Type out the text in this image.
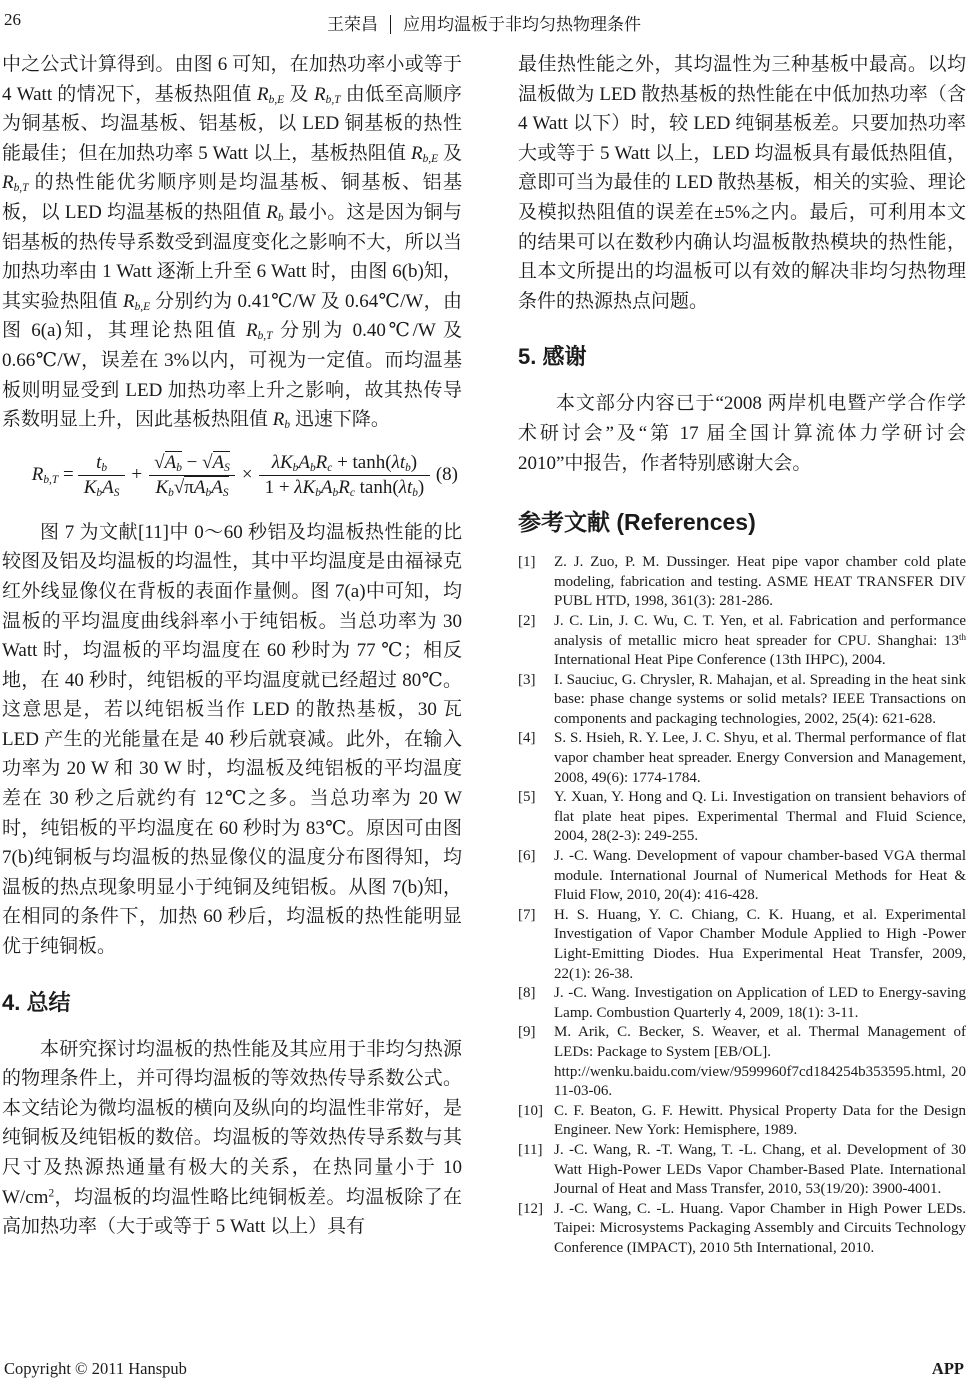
26	王荣昌 应用均温板于非均匀热物理条件

中之公式计算得到。由图 6 可知，在加热功率小或等于 4 Watt 的情况下，基板热阻值 $R_{b,E}$ 及 $R_{b,T}$ 由低至高顺序为铜基板、均温基板、铝基板，以 LED 铜基板的热性能最佳；但在加热功率 5 Watt 以上，基板热阻值 $R_{b,E}$ 及 $R_{b,T}$ 的热性能优劣顺序则是均温基板、铜基板、铝基板，以 LED 均温基板的热阻值 $R_b$ 最小。这是因为铜与铝基板的热传导系数受到温度变化之影响不大，所以当加热功率由 1 Watt 逐渐上升至 6 Watt 时，由图 6(b)知，其实验热阻值 $R_{b,E}$ 分别约为 0.41℃/W 及 0.64℃/W，由图 6(a)知，其理论热阻值 $R_{b,T}$ 分别为 0.40℃/W 及 0.66℃/W，误差在 3%以内，可视为一定值。而均温基板则明显受到 LED 加热功率上升之影响，故其热传导系数明显上升，因此基板热阻值 $R_b$ 迅速下降。

$R_{b,T} = \frac{t_b}{K_bA_S} + \frac{√A_b - √A_S}{K_b√\pi A_bA_S} \times \frac{\lambda K_bA_bR_c + \tanh(\lambda t_b)}{1 + \lambda K_bA_bR_c \tanh(\lambda t_b)} (8)$

图 7 为文献[11]中 0～60 秒铝及均温板热性能的比较图及铝及均温板的均温性，其中平均温度是由福禄克红外线显像仪在背板的表面作量侧。图 7(a)中可知，均温板的平均温度曲线斜率小于纯铝板。当总功率为 30 Watt 时，均温板的平均温度在 60 秒时为 77 ℃；相反地，在 40 秒时，纯铝板的平均温度就已经超过 80℃。这意思是，若以纯铝板当作 LED 的散热基板，30 瓦 LED 产生的光能量在是 40 秒后就衰减。此外，在输入功率为 20 W 和 30 W 时，均温板及纯铝板的平均温度差在 30 秒之后就约有 12℃之多。当总功率为 20 W 时，纯铝板的平均温度在 60 秒时为 83℃。原因可由图 7(b)纯铜板与均温板的热显像仪的温度分布图得知，均温板的热点现象明显小于纯铜及纯铝板。从图 7(b)知，在相同的条件下，加热 60 秒后，均温板的热性能明显优于纯铜板。

4. 总结

本研究探讨均温板的热性能及其应用于非均匀热源的物理条件上，并可得均温板的等效热传导系数公式。本文结论为微均温板的横向及纵向的均温性非常好，是纯铜板及纯铝板的数倍。均温板的等效热传导系数与其尺寸及热源热通量有极大的关系，在热同量小于 10 $W/cm^2$，均温板的均温性略比纯铜板差。均温板除了在高加热功率（大于或等于 5 Watt 以上）具有

最佳热性能之外，其均温性为三种基板中最高。以均温板做为 LED 散热基板的热性能在中低加热功率（含 4 Watt 以下）时，较 LED 纯铜基板差。只要加热功率大或等于 5 Watt 以上，LED 均温板具有最低热阻值，意即可当为最佳的 LED 散热基板，相关的实验、理论及模拟热阻值的误差在±5%之内。最后，可利用本文的结果可以在数秒内确认均温板散热模块的热性能，且本文所提出的均温板可以有效的解决非均匀热物理条件的热源热点问题。

5. 感谢

本文部分内容已于“2008 两岸机电暨产学合作学术研讨会”及“第 17 届全国计算流体力学研讨会 2010”中报告，作者特别感谢大会。

参考文献 (References)
[1]	Z. J. Zuo, P. M. Dussinger. Heat pipe vapor chamber cold plate modeling, fabrication and testing. ASME HEAT TRANSFER DIV PUBL HTD, 1998, 361(3): 281-286.
[2]	J. C. Lin, J. C. Wu, C. T. Yen, et al. Fabrication and performance analysis of metallic micro heat spreader for CPU. Shanghai: 13th International Heat Pipe Conference (13th IHPC), 2004.
[3]	I. Sauciuc, G. Chrysler, R. Mahajan, et al. Spreading in the heat sink base: phase change systems or solid metals? IEEE Transactions on components and packaging technologies, 2002, 25(4): 621-628.
[4]	S. S. Hsieh, R. Y. Lee, J. C. Shyu, et al. Thermal performance of flat vapor chamber heat spreader. Energy Conversion and Management, 2008, 49(6): 1774-1784.
[5]	Y. Xuan, Y. Hong and Q. Li. Investigation on transient behaviors of flat plate heat pipes. Experimental Thermal and Fluid Science, 2004, 28(2-3): 249-255.
[6]	J. -C. Wang. Development of vapour chamber-based VGA thermal module. International Journal of Numerical Methods for Heat & Fluid Flow, 2010, 20(4): 416-428.
[7]	H. S. Huang, Y. C. Chiang, C. K. Huang, et al. Experimental Investigation of Vapor Chamber Module Applied to High -Power Light-Emitting Diodes. Hua Experimental Heat Transfer, 2009, 22(1): 26-38.
[8]	J. -C. Wang. Investigation on Application of LED to Energy-saving Lamp. Combustion Quarterly 4, 2009, 18(1): 3-11.
[9]	M. Arik, C. Becker, S. Weaver, et al. Thermal Management of LEDs: Package to System [EB/OL].
http://wenku.baidu.com/view/9599960f7cd184254b353595.html, 2011-03-06.
[10] C. F. Beaton, G. F. Hewitt. Physical Property Data for the Design Engineer. New York: Hemisphere, 1989.
[11] J. -C. Wang, R. -T. Wang, T. -L. Chang, et al. Development of 30 Watt High-Power LEDs Vapor Chamber-Based Plate. International Journal of Heat and Mass Transfer, 2010, 53(19/20): 3900-4001.
[12] J. -C. Wang, C. -L. Huang. Vapor Chamber in High Power LEDs. Taipei: Microsystems Packaging Assembly and Circuits Technology Conference (IMPACT), 2010 5th International, 2010.
Copyright © 2011 Hanspub	APP
